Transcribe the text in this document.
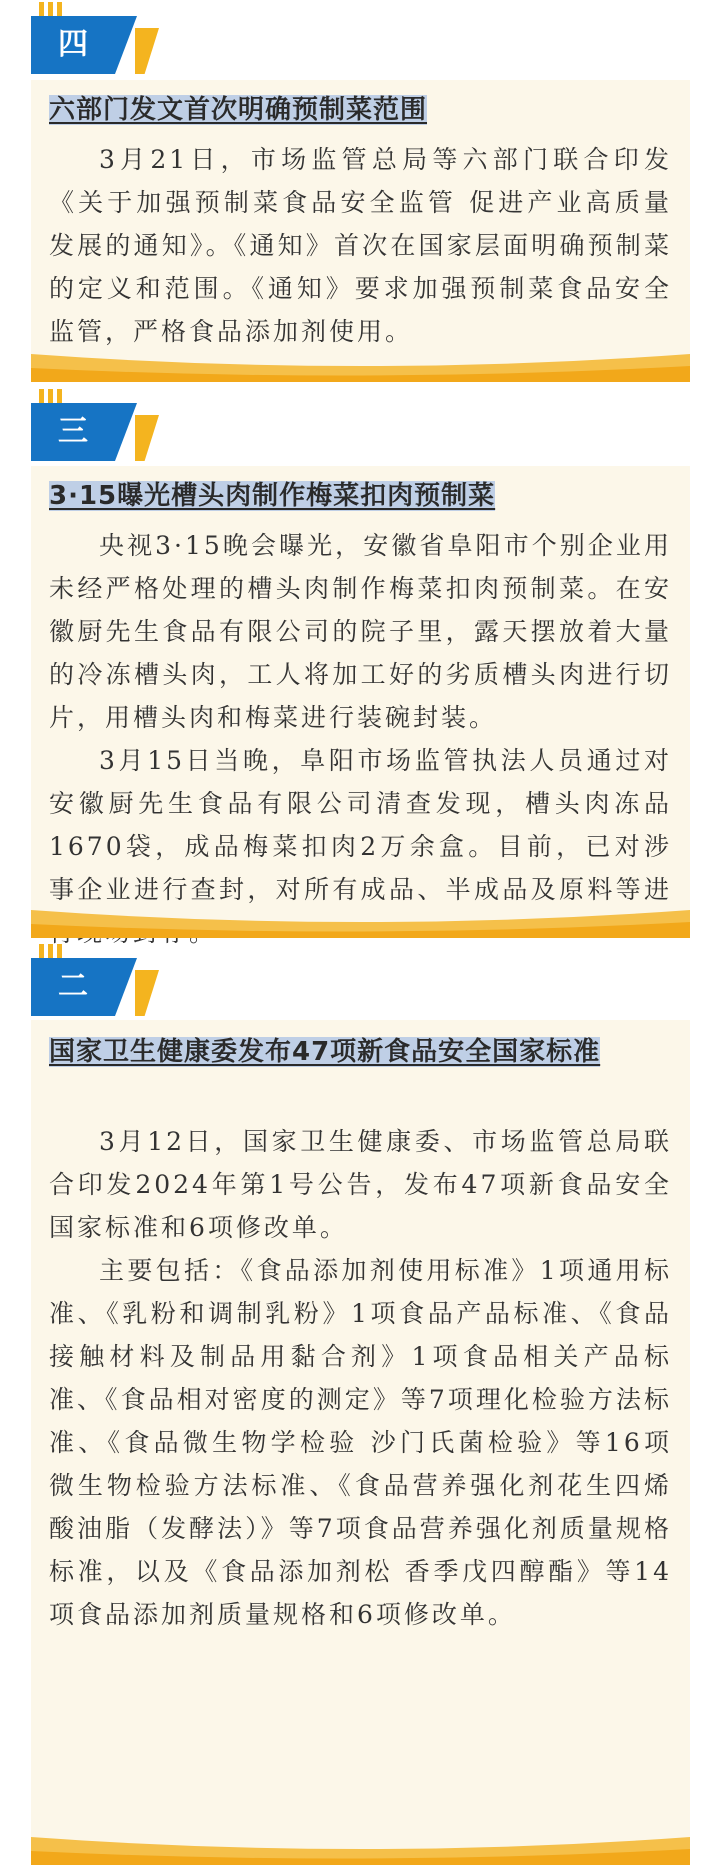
四
六部门发文首次明确预制菜范围

3月21日，市场监管总局等六部门联合印发《关于加强预制菜食品安全监管 促进产业高质量发展的通知》。《通知》首次在国家层面明确预制菜的定义和范围。《通知》要求加强预制菜食品安全监管，严格食品添加剂使用。

三
3·15曝光槽头肉制作梅菜扣肉预制菜

央视3·15晚会曝光，安徽省阜阳市个别企业用未经严格处理的槽头肉制作梅菜扣肉预制菜。在安徽厨先生食品有限公司的院子里，露天摆放着大量的冷冻槽头肉，工人将加工好的劣质槽头肉进行切片，用槽头肉和梅菜进行装碗封装。

3月15日当晚，阜阳市场监管执法人员通过对安徽厨先生食品有限公司清查发现，槽头肉冻品1670袋，成品梅菜扣肉2万余盒。目前，已对涉事企业进行查封，对所有成品、半成品及原料等进

二
国家卫生健康委发布47项新食品安全国家标准

3月12日，国家卫生健康委、市场监管总局联合印发2024年第1号公告，发布47项新食品安全国家标准和6项修改单。

主要包括：《食品添加剂使用标准》1项通用标准、《乳粉和调制乳粉》1项食品产品标准、《食品接触材料及制品用黏合剂》1项食品相关产品标准、《食品相对密度的测定》等7项理化检验方法标准、《食品微生物学检验 沙门氏菌检验》等16项微生物检验方法标准、《食品营养强化剂花生四烯酸油脂（发酵法）》等7项食品营养强化剂质量规格标准，以及《食品添加剂松 香季戊四醇酯》等14项食品添加剂质量规格和6项修改单。
